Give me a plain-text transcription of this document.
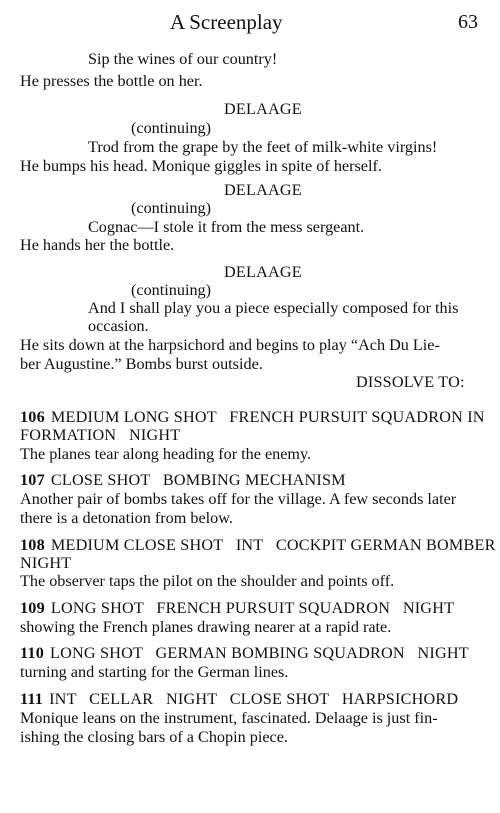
A Screenplay	63
Sip the wines of our country!
He presses the bottle on her.
DELAAGE
(continuing)
Trod from the grape by the feet of milk-white virgins!
He bumps his head. Monique giggles in spite of herself.
DELAAGE
(continuing)
Cognac—I stole it from the mess sergeant.
He hands her the bottle.
DELAAGE
(continuing)
And I shall play you a piece especially composed for this
occasion.
He sits down at the harpsichord and begins to play “Ach Du Lie-
ber Augustine.” Bombs burst outside.
DISSOLVE TO:
106 MEDIUM LONG SHOT   FRENCH PURSUIT SQUADRON IN
FORMATION   NIGHT
The planes tear along heading for the enemy.
107 CLOSE SHOT   BOMBING MECHANISM
Another pair of bombs takes off for the village. A few seconds later
there is a detonation from below.
108 MEDIUM CLOSE SHOT   INT   COCKPIT GERMAN BOMBER
NIGHT
The observer taps the pilot on the shoulder and points off.
109 LONG SHOT   FRENCH PURSUIT SQUADRON   NIGHT
showing the French planes drawing nearer at a rapid rate.
110 LONG SHOT   GERMAN BOMBING SQUADRON   NIGHT
turning and starting for the German lines.
111 INT   CELLAR   NIGHT   CLOSE SHOT   HARPSICHORD
Monique leans on the instrument, fascinated. Delaage is just fin-
ishing the closing bars of a Chopin piece.
